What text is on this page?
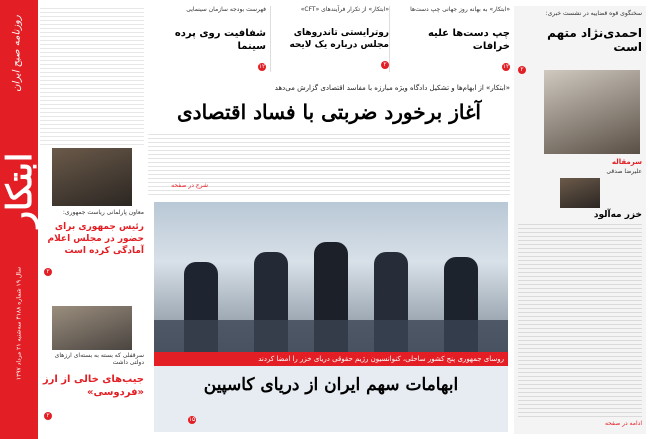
روزنامه صبح ایران
ابتکار
سال ۱۹ شماره ۴۱۸۸ سه‌شنبه ۲۱ مرداد ۱۳۹۷
معاون پارلمانی ریاست جمهوری:
رئیس جمهوری برای حضور در مجلس اعلام آمادگی کرده است
۲
سرقفلی که بسته به بسته‌ای ارزهای دولتی داشت
جیب‌های خالی از ارز «فردوسی»
۲
«ابتکار» به بهانه روز جهانی چپ دست‌ها
چپ دست‌ها علیه خرافات
۱۲
«ابتکار» از تکرار فرآیندهای «CFT»
روترایستی تاندروهای مجلس درباره یک لایحه
۲
فهرست بودجه سازمان سینمایی
شفافیت روی پرده سینما
۱۲
سخنگوی قوه قضاییه در نشست خبری:
احمدی‌نژاد متهم است
۲
سرمقاله
علیرضا صدقی
خزر مه‌آلود
ادامه در صفحه
«ابتکار» از ابهام‌ها و تشکیل دادگاه ویژه مبارزه با مفاسد اقتصادی گزارش می‌دهد
آغاز برخورد ضربتی با فساد اقتصادی
شرح در صفحه
روسای جمهوری پنج کشور ساحلی، کنوانسیون رژیم حقوقی دریای خزر را امضا کردند
ابهامات سهم ایران از دریای کاسپین
۱۵
